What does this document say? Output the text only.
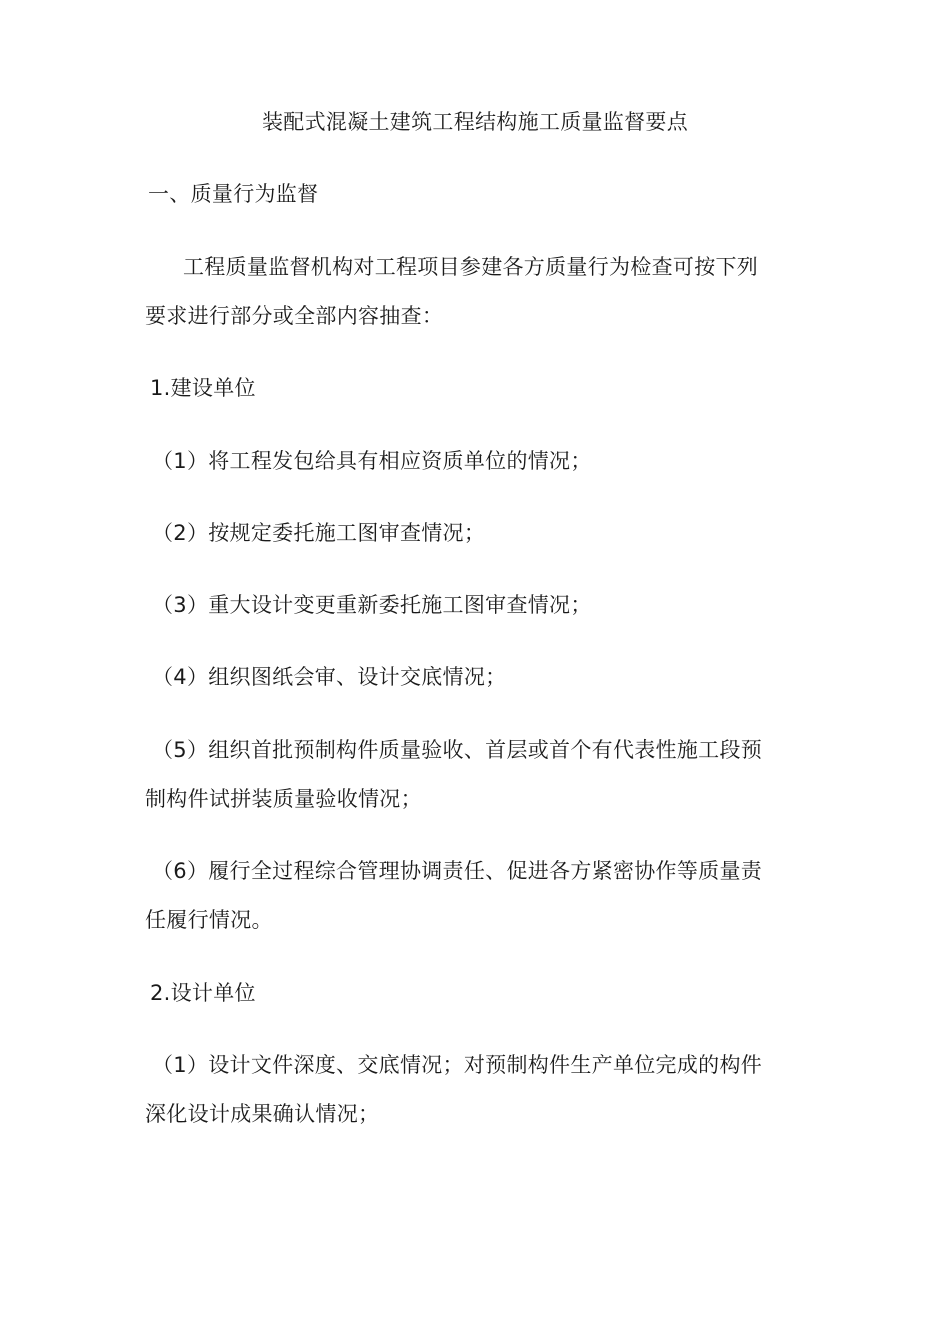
装配式混凝土建筑工程结构施工质量监督要点
一、质量行为监督
工程质量监督机构对工程项目参建各方质量行为检查可按下列
要求进行部分或全部内容抽查：
1.建设单位
（1）将工程发包给具有相应资质单位的情况；
（2）按规定委托施工图审查情况；
（3）重大设计变更重新委托施工图审查情况；
（4）组织图纸会审、设计交底情况；
（5）组织首批预制构件质量验收、首层或首个有代表性施工段预
制构件试拼装质量验收情况；
（6）履行全过程综合管理协调责任、促进各方紧密协作等质量责
任履行情况。
2.设计单位
（1）设计文件深度、交底情况；对预制构件生产单位完成的构件
深化设计成果确认情况；
